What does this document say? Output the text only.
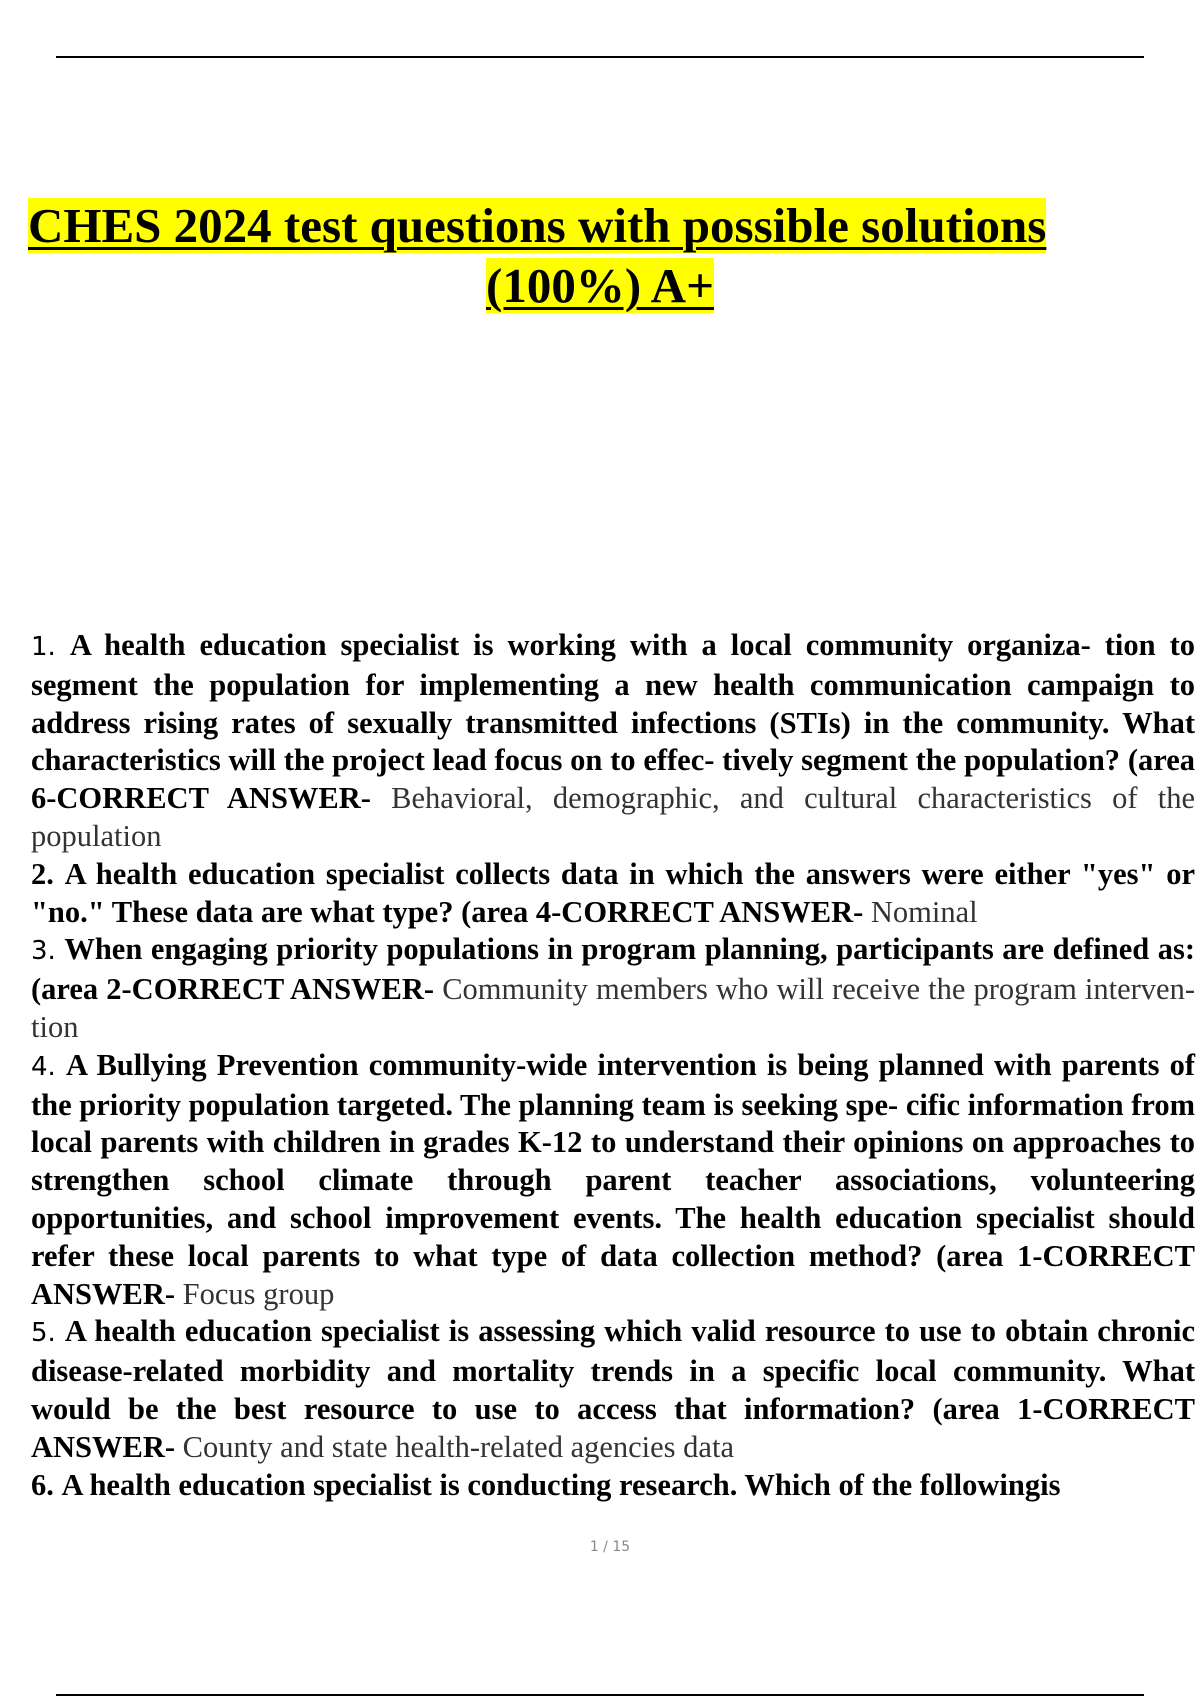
CHES 2024 test questions with possible solutions
(100%) A+

1. A health education specialist is working with a local community organiza- tion to segment the population for implementing a new health communication campaign to address rising rates of sexually transmitted infections (STIs) in the community. What characteristics will the project lead focus on to effec- tively segment the population? (area 6-CORRECT ANSWER- Behavioral, demographic, and cultural characteristics of the population

2. A health education specialist collects data in which the answers were either "yes" or "no." These data are what type? (area 4-CORRECT ANSWER- Nominal

3. When engaging priority populations in program planning, participants are defined as: (area 2-CORRECT ANSWER- Community members who will receive the program interven-tion

4. A Bullying Prevention community-wide intervention is being planned with parents of the priority population targeted. The planning team is seeking spe- cific information from local parents with children in grades K-12 to understand their opinions on approaches to strengthen school climate through parent teacher associations, volunteering opportunities, and school improvement events. The health education specialist should refer these local parents to what type of data collection method? (area 1-CORRECT ANSWER- Focus group

5. A health education specialist is assessing which valid resource to use to obtain chronic disease-related morbidity and mortality trends in a specific local community. What would be the best resource to use to access that information? (area 1-CORRECT ANSWER- County and state health-related agencies data

6. A health education specialist is conducting research. Which of the followingis

1 / 15
